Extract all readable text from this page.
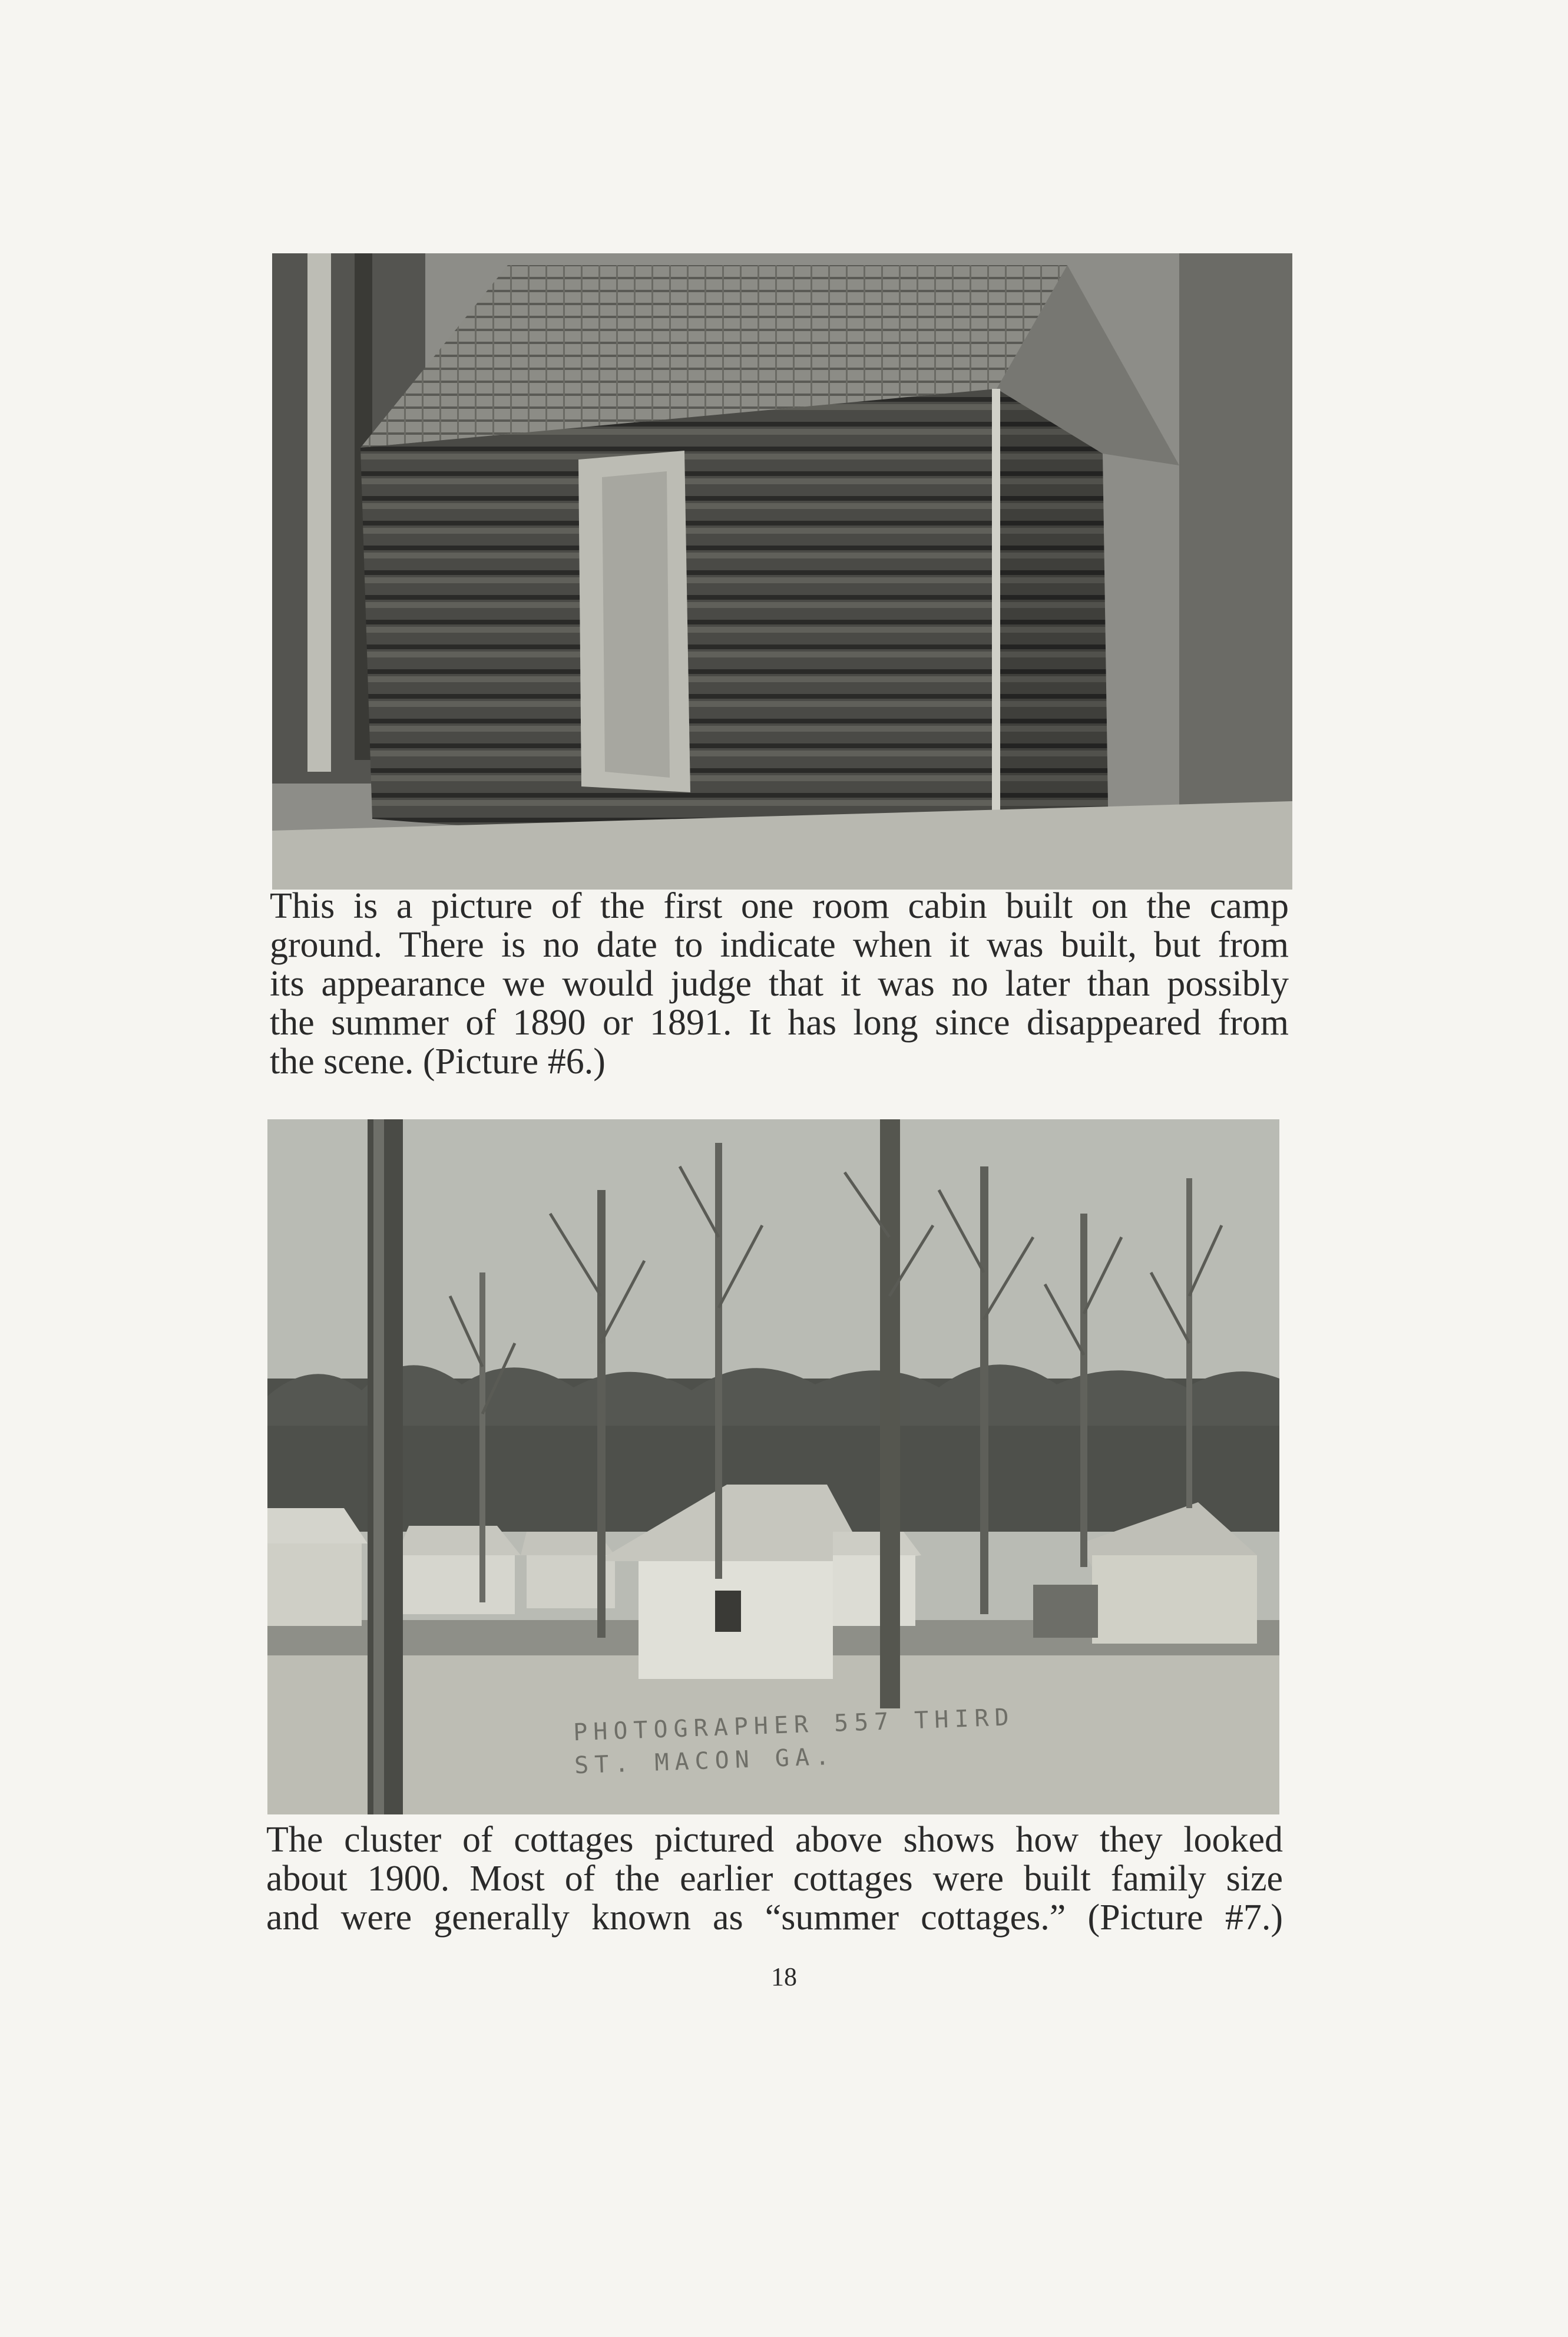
This is a picture of the first one room cabin built on the camp
ground. There is no date to indicate when it was built, but from
its appearance we would judge that it was no later than possibly
the summer of 1890 or 1891. It has long since disappeared from
the scene. (Picture #6.)

PHOTOGRAPHER 557 THIRD ST. MACON GA.

The cluster of cottages pictured above shows how they looked
about 1900. Most of the earlier cottages were built family size
and were generally known as “summer cottages.” (Picture #7.)

18
